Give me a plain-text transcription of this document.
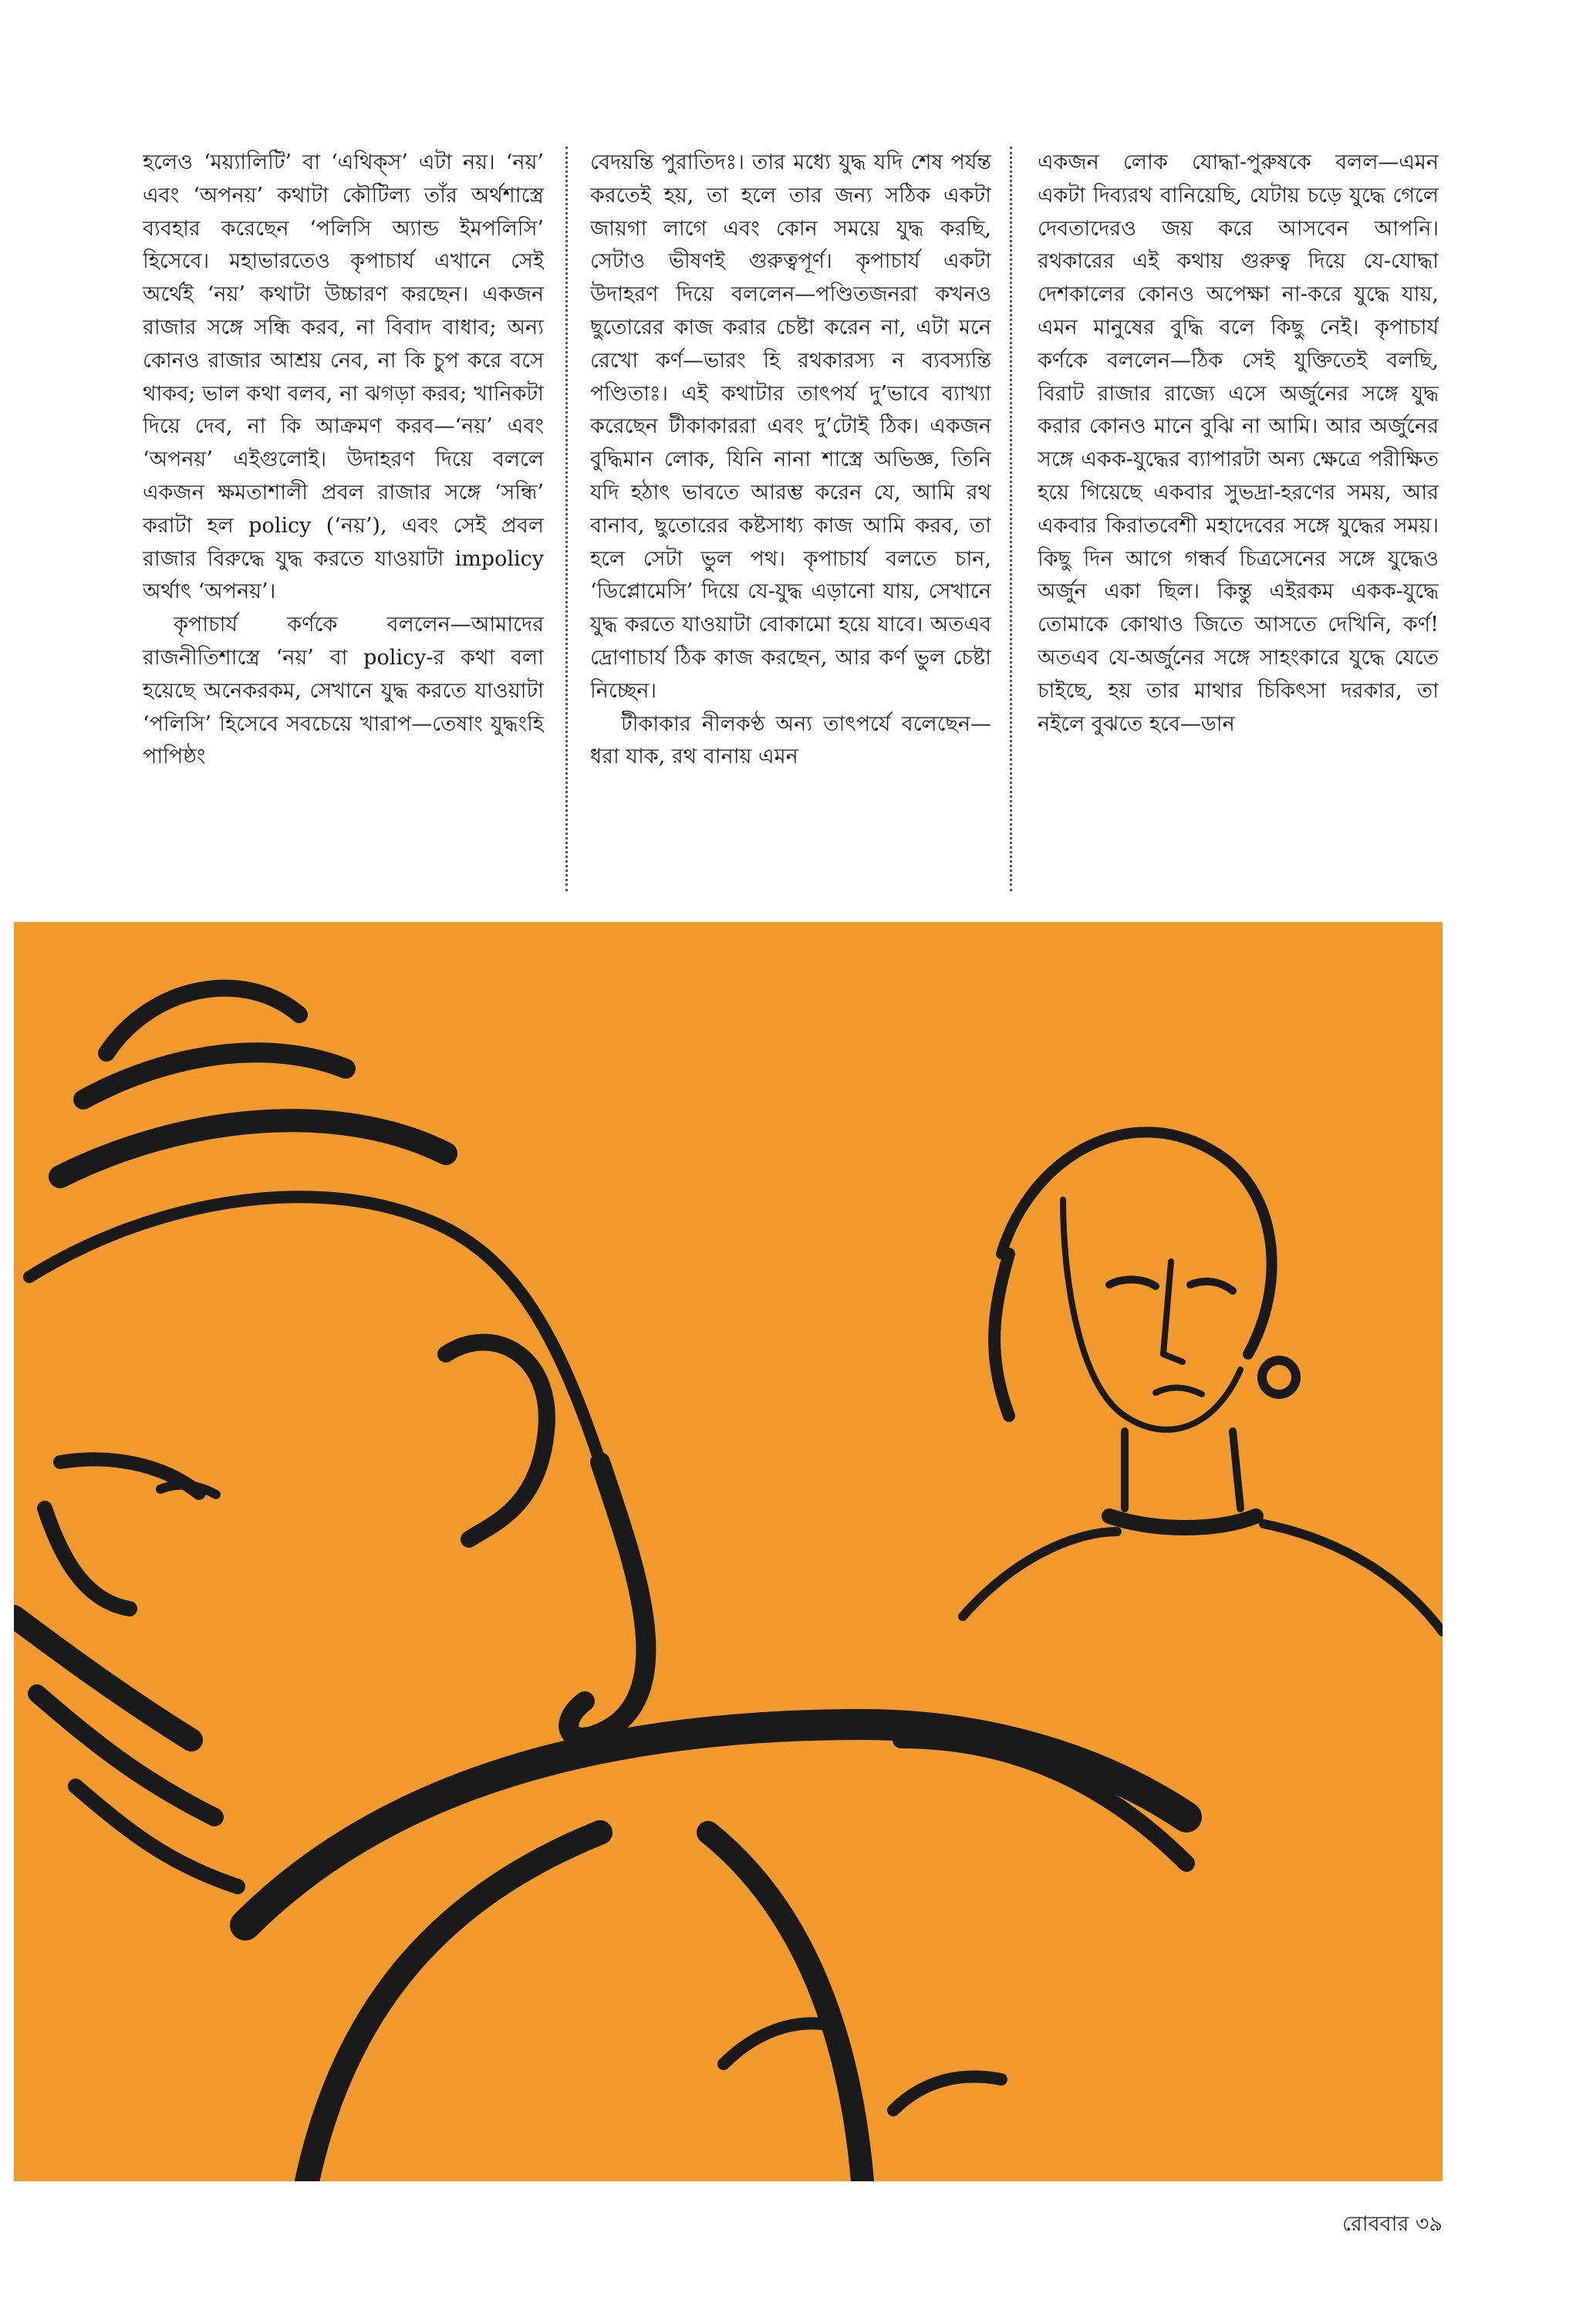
হলেও ‘ময়্যালিটি’ বা ‘এথিক্‌স’ এটা নয়। ‘নয়’ এবং ‘অপনয়’ কথাটা কৌটিল্য তাঁর অর্থশাস্ত্রে ব্যবহার করেছেন ‘পলিসি অ্যান্ড ইমপলিসি’ হিসেবে। মহাভারতেও কৃপাচার্য এখানে সেই অর্থেই ‘নয়’ কথাটা উচ্চারণ করছেন। একজন রাজার সঙ্গে সন্ধি করব, না বিবাদ বাধাব; অন্য কোনও রাজার আশ্রয় নেব, না কি চুপ করে বসে থাকব; ভাল কথা বলব, না ঝগড়া করব; খানিকটা দিয়ে দেব, না কি আক্রমণ করব—‘নয়’ এবং ‘অপনয়’ এইগুলোই। উদাহরণ দিয়ে বললে একজন ক্ষমতাশালী প্রবল রাজার সঙ্গে ‘সন্ধি’ করাটা হল policy (‘নয়’), এবং সেই প্রবল রাজার বিরুদ্ধে যুদ্ধ করতে যাওয়াটা impolicy অর্থাৎ ‘অপনয়’।

কৃপাচার্য কর্ণকে বললেন—আমাদের রাজনীতিশাস্ত্রে ‘নয়’ বা policy-র কথা বলা হয়েছে অনেকরকম, সেখানে যুদ্ধ করতে যাওয়াটা ‘পলিসি’ হিসেবে সবচেয়ে খারাপ—তেষাং যুদ্ধংহি পাপিষ্ঠং

বেদয়ন্তি পুরাতিদঃ। তার মধ্যে যুদ্ধ যদি শেষ পর্যন্ত করতেই হয়, তা হলে তার জন্য সঠিক একটা জায়গা লাগে এবং কোন সময়ে যুদ্ধ করছি, সেটাও ভীষণই গুরুত্বপূর্ণ। কৃপাচার্য একটা উদাহরণ দিয়ে বললেন—পণ্ডিতজনরা কখনও ছুতোরের কাজ করার চেষ্টা করেন না, এটা মনে রেখো কর্ণ—ভারং হি রথকারস্য ন ব্যবস্যন্তি পণ্ডিতাঃ। এই কথাটার তাৎপর্য দু’ভাবে ব্যাখ্যা করেছেন টীকাকাররা এবং দু’টোই ঠিক। একজন বুদ্ধিমান লোক, যিনি নানা শাস্ত্রে অভিজ্ঞ, তিনি যদি হঠাৎ ভাবতে আরম্ভ করেন যে, আমি রথ বানাব, ছুতোরের কষ্টসাধ্য কাজ আমি করব, তা হলে সেটা ভুল পথ। কৃপাচার্য বলতে চান, ‘ডিপ্লোমেসি’ দিয়ে যে-যুদ্ধ এড়ানো যায়, সেখানে যুদ্ধ করতে যাওয়াটা বোকামো হয়ে যাবে। অতএব দ্রোণাচার্য ঠিক কাজ করছেন, আর কর্ণ ভুল চেষ্টা নিচ্ছেন।

টীকাকার নীলকণ্ঠ অন্য তাৎপর্যে বলেছেন—ধরা যাক, রথ বানায় এমন

একজন লোক যোদ্ধা-পুরুষকে বলল—এমন একটা দিব্যরথ বানিয়েছি, যেটায় চড়ে যুদ্ধে গেলে দেবতাদেরও জয় করে আসবেন আপনি। রথকারের এই কথায় গুরুত্ব দিয়ে যে-যোদ্ধা দেশকালের কোনও অপেক্ষা না-করে যুদ্ধে যায়, এমন মানুষের বুদ্ধি বলে কিছু নেই। কৃপাচার্য কর্ণকে বললেন—ঠিক সেই যুক্তিতেই বলছি, বিরাট রাজার রাজ্যে এসে অর্জুনের সঙ্গে যুদ্ধ করার কোনও মানে বুঝি না আমি। আর অর্জুনের সঙ্গে একক-যুদ্ধের ব্যাপারটা অন্য ক্ষেত্রে পরীক্ষিত হয়ে গিয়েছে একবার সুভদ্রা-হরণের সময়, আর একবার কিরাতবেশী মহাদেবের সঙ্গে যুদ্ধের সময়। কিছু দিন আগে গন্ধর্ব চিত্রসেনের সঙ্গে যুদ্ধেও অর্জুন একা ছিল। কিন্তু এইরকম একক-যুদ্ধে তোমাকে কোথাও জিতে আসতে দেখিনি, কর্ণ! অতএব যে-অর্জুনের সঙ্গে সাহংকারে যুদ্ধে যেতে চাইছে, হয় তার মাথার চিকিৎসা দরকার, তা নইলে বুঝতে হবে—ডান

রোববার ৩৯
